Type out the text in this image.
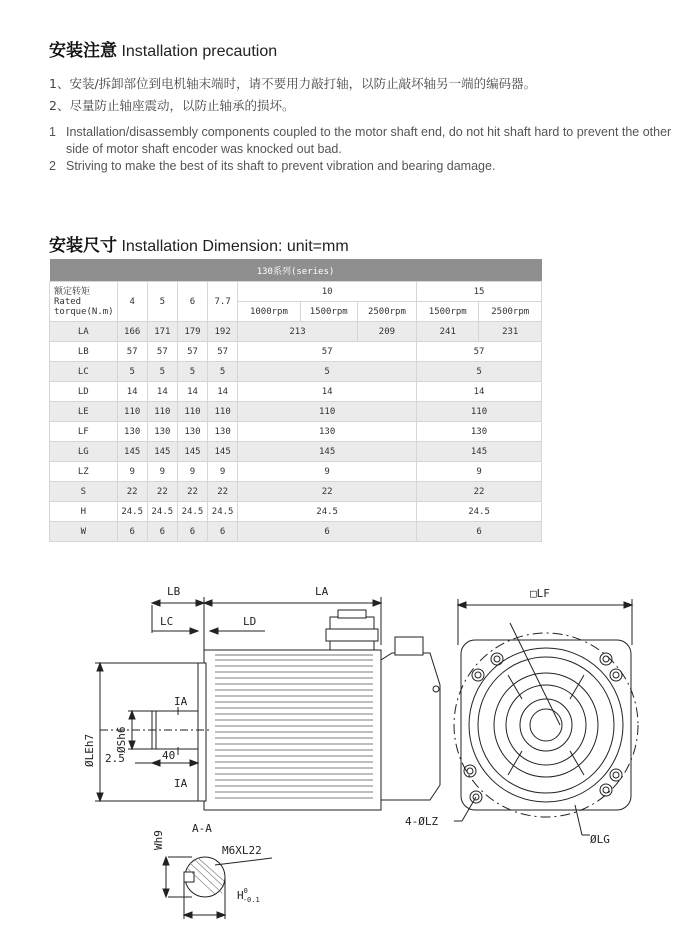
安装注意 Installation precaution
1、安装/拆卸部位到电机轴末端时，请不要用力敲打轴，以防止敲坏轴另一端的编码器。
2、尽量防止轴座震动，以防止轴承的损坏。
1 Installation/disassembly components coupled to the motor shaft end, do not hit shaft hard to prevent the other
side of motor shaft encoder was knocked out bad.
2 Striving to make the best of its shaft to prevent vibration and bearing damage.
安装尺寸 Installation Dimension: unit=mm
130系列(series)									

额定转矩
Rated
torque(N.m)	4	5	6	7.7	10			15	
					1000rpm	1500rpm	2500rpm	1500rpm	2500rpm
LA	166	171	179	192	213		209	241	231
LB	57	57	57	57	57			57	
LC	5	5	5	5	5			5	
LD	14	14	14	14	14			14	
LE	110	110	110	110	110			110	
LF	130	130	130	130	130			130	
LG	145	145	145	145	145			145	
LZ	9	9	9	9	9			9	
S	22	22	22	22	22			22	
H	24.5	24.5	24.5	24.5	24.5			24.5	
W	6	6	6	6	6			6	
LB	LA
LC	LD
□LF
ØSh6
ØLEh7
IA
IA
2.5	40
4-ØLZ
ØLG
Wh9
A-A
M6XL22
$H^0$ -0.1
